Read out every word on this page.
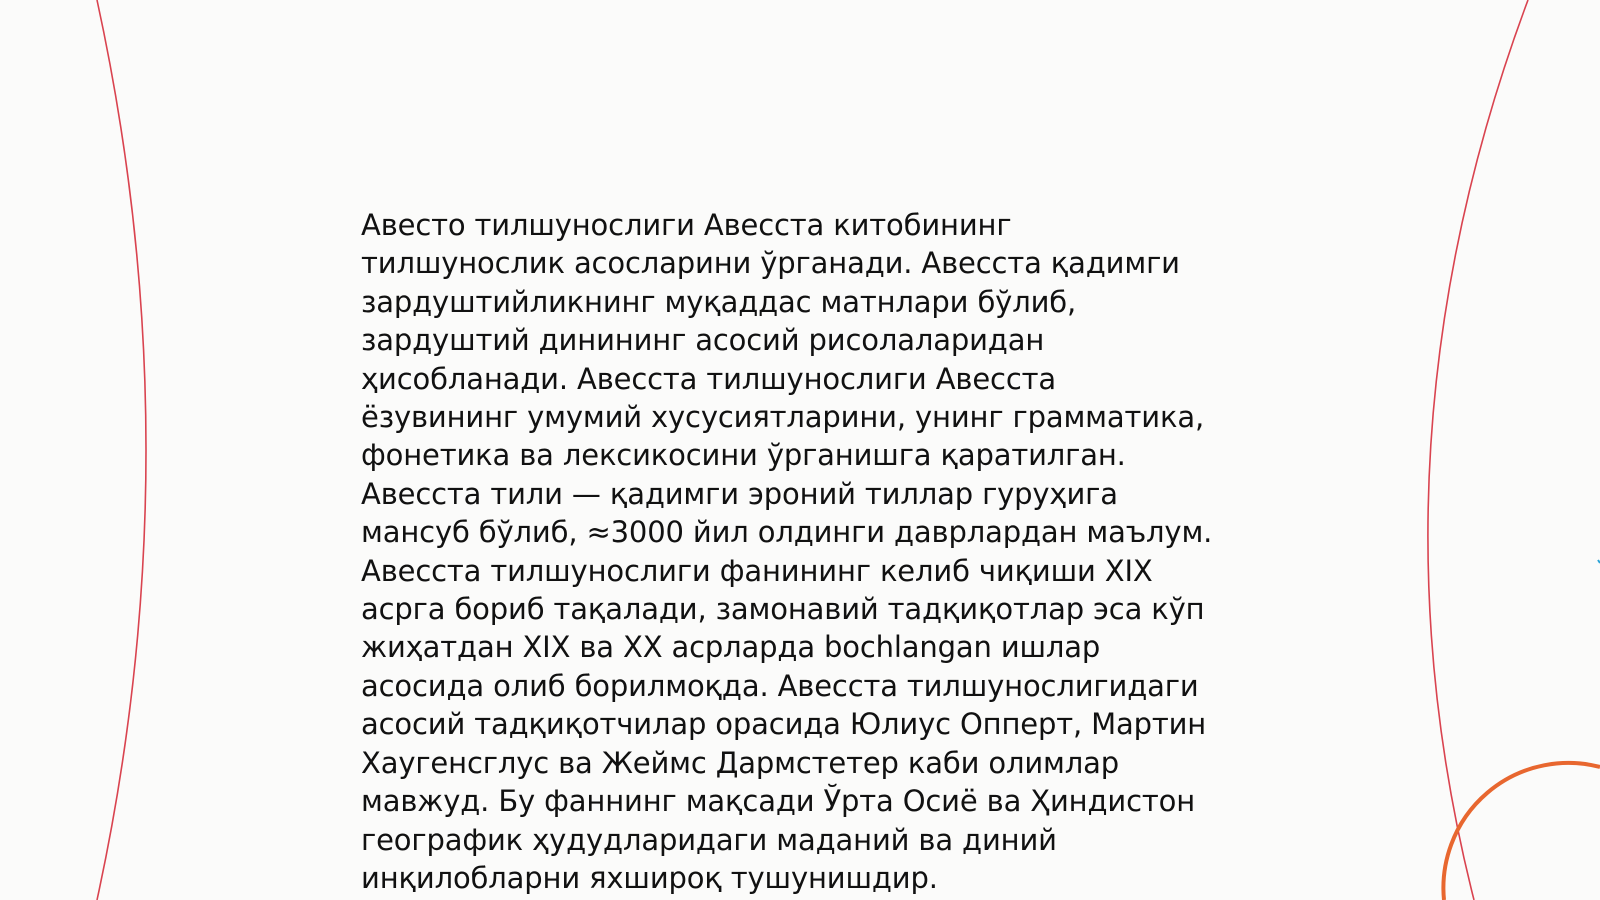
Авесто тилшунослиги Авесста китобининг
тилшунослик асосларини ўрганади. Авесста қадимги
зардуштийликнинг муқаддас матнлари бўлиб,
зардуштий динининг асосий рисолаларидан
ҳисобланади. Авесста тилшунослиги Авесста
ёзувининг умумий хусусиятларини, унинг грамматика,
фонетика ва лексикосини ўрганишга қаратилган.
Авесста тили — қадимги эроний тиллар гуруҳига
мансуб бўлиб, ≈3000 йил олдинги даврлардан маълум.
Авесста тилшунослиги фанининг келиб чиқиши XIX
асрга бориб тақалади, замонавий тадқиқотлар эса кўп
жиҳатдан XIX ва XX асрларда bochlangan ишлар
асосида олиб борилмоқда. Авесста тилшунослигидаги
асосий тадқиқотчилар орасида Юлиус Опперт, Мартин
Хаугенсглус ва Жеймс Дармстетер каби олимлар
мавжуд. Бу фаннинг мақсади Ўрта Осиё ва Ҳиндистон
географик ҳудудларидаги маданий ва диний
инқилобларни яхшироқ тушунишдир.
